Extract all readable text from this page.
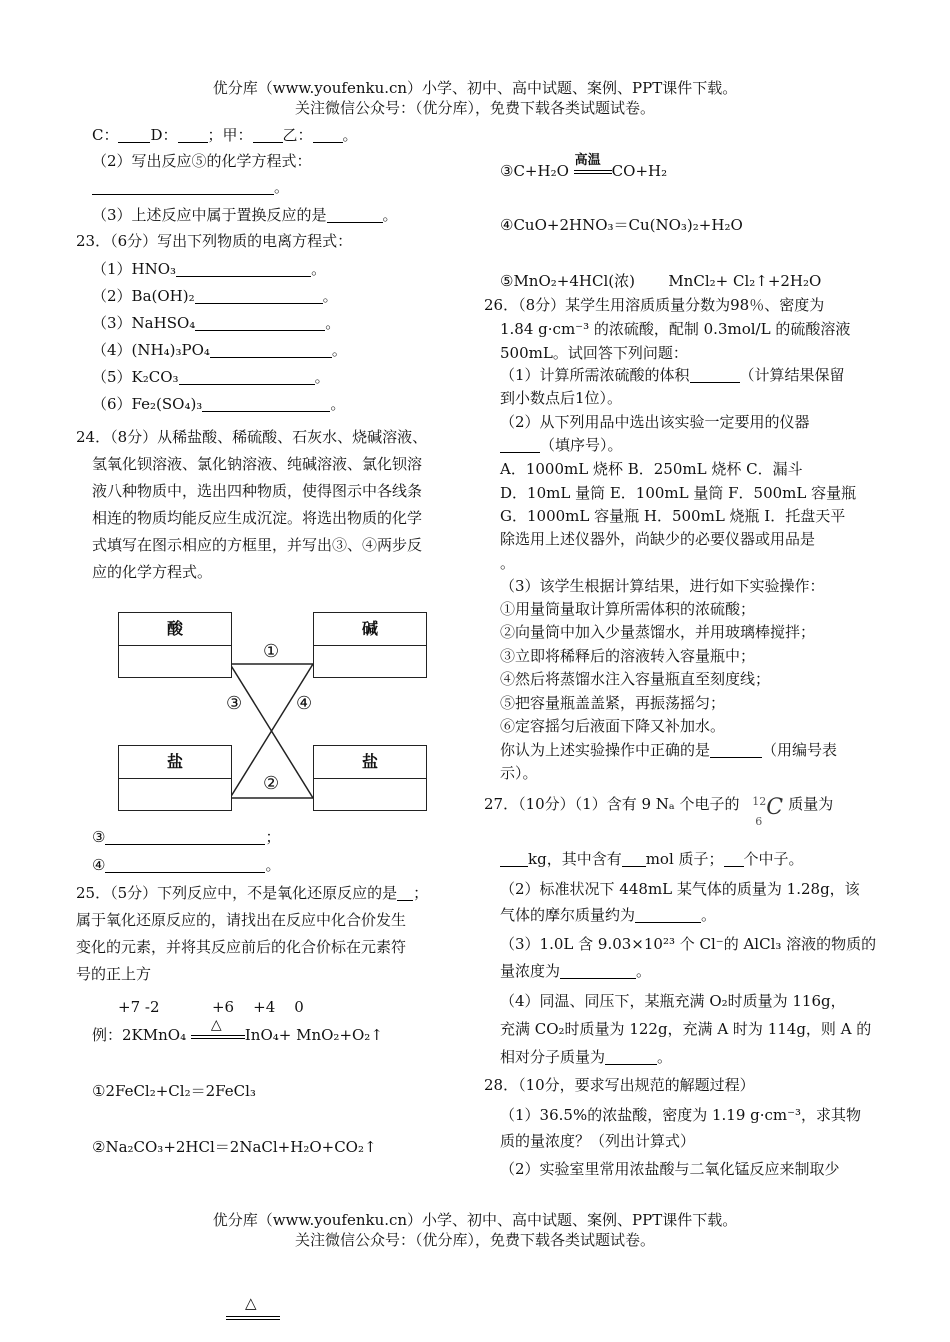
优分库（www.youfenku.cn）小学、初中、高中试题、案例、PPT课件下载。
关注微信公众号：（优分库），免费下载各类试题试卷。
C： D： ；甲： 乙： 。
（2）写出反应⑤的化学方程式：
。
（3）上述反应中属于置换反应的是	。
23．（6分）写出下列物质的电离方程式：
（1）HNO₃	。
（2）Ba(OH)₂	。
（3）NaHSO₄	。
（4）(NH₄)₃PO₄	。
（5）K₂CO₃	。
（6）Fe₂(SO₄)₃	。
24．（8分）从稀盐酸、稀硫酸、石灰水、烧碱溶液、
氢氧化钡溶液、氯化钠溶液、纯碱溶液、氯化钡溶
液八种物质中，选出四种物质，使得图示中各线条
相连的物质均能反应生成沉淀。将选出物质的化学
式填写在图示相应的方框里，并写出③、④两步反
应的化学方程式。
酸	碱
盐	盐
①
②
③	④
③	；
④	。
25．（5分）下列反应中，不是氧化还原反应的是 ；
属于氧化还原反应的，请找出在反应中化合价发生
变化的元素，并将其反应前后的化合价标在元素符
号的正上方
+7 -2           +6    +4    0
例：2KMnO₄
△
InO₄+ MnO₂+O₂↑
①2FeCl₂+Cl₂＝2FeCl₃
②Na₂CO₃+2HCl＝2NaCl+H₂O+CO₂↑
③C+H₂O
高温
CO+H₂
④CuO+2HNO₃＝Cu(NO₃)₂+H₂O
⑤MnO₂+4HCl(浓)       MnCl₂+ Cl₂↑+2H₂O
26．（8分）某学生用溶质质量分数为98％、密度为
1.84 g·cm⁻³ 的浓硫酸，配制 0.3mol/L 的硫酸溶液
500mL。试回答下列问题：
（1）计算所需浓硫酸的体积	（计算结果保留
到小数点后1位）。
（2）从下列用品中选出该实验一定要用的仪器
（填序号）。
A．1000mL 烧杯 B．250mL 烧杯 C．漏斗
D．10mL 量筒 E．100mL 量筒 F．500mL 容量瓶
G．1000mL 容量瓶 H．500mL 烧瓶 I．托盘天平
除选用上述仪器外，尚缺少的必要仪器或用品是
。
（3）该学生根据计算结果，进行如下实验操作：
①用量筒量取计算所需体积的浓硫酸；
②向量筒中加入少量蒸馏水，并用玻璃棒搅拌；
③立即将稀释后的溶液转入容量瓶中；
④然后将蒸馏水注入容量瓶直至刻度线；
⑤把容量瓶盖盖紧，再振荡摇匀；
⑥定容摇匀后液面下降又补加水。
你认为上述实验操作中正确的是	（用编号表
示）。
27．（10分）（1）含有 9 Nₐ 个电子的 12
6
C 质量为
kg，其中含有 mol 质子； 个中子。
（2）标准状况下 448mL 某气体的质量为 1.28g，该
气体的摩尔质量约为	。
（3）1.0L 含 9.03×10²³ 个 Cl⁻的 AlCl₃ 溶液的物质的
量浓度为	。
（4）同温、同压下，某瓶充满 O₂时质量为 116g，
充满 CO₂时质量为 122g，充满 A 时为 114g，则 A 的
相对分子质量为	。
28．（10分，要求写出规范的解题过程）
（1）36.5%的浓盐酸，密度为 1.19 g·cm⁻³，求其物
质的量浓度？（列出计算式）
（2）实验室里常用浓盐酸与二氧化锰反应来制取少
优分库（www.youfenku.cn）小学、初中、高中试题、案例、PPT课件下载。
关注微信公众号：（优分库），免费下载各类试题试卷。
△
